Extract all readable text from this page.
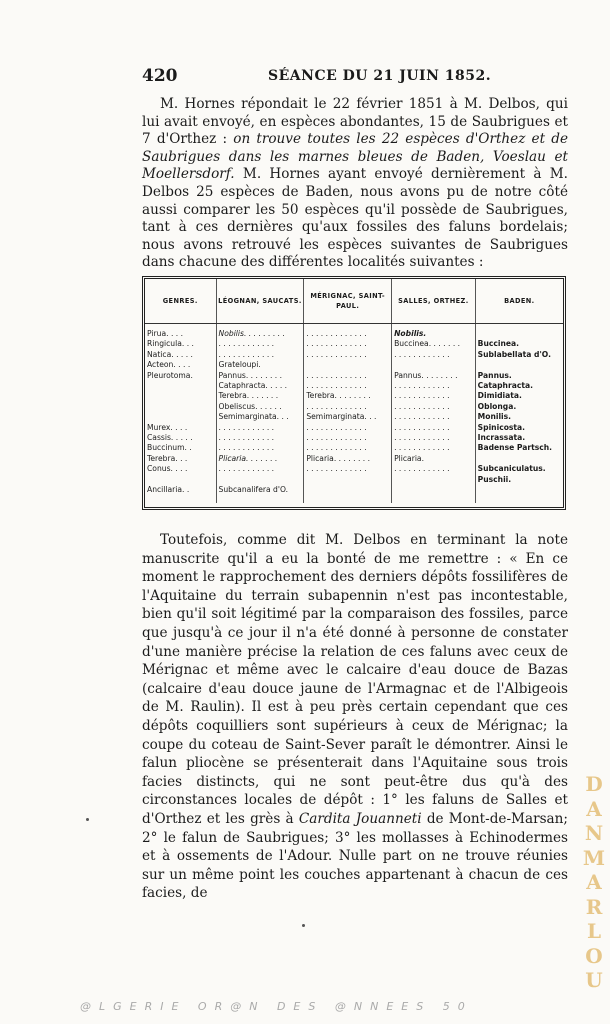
420	SÉANCE DU 21 JUIN 1852.

M. Hornes répondait le 22 février 1851 à M. Delbos, qui lui avait envoyé, en espèces abondantes, 15 de Saubrigues et 7 d'Orthez : on trouve toutes les 22 espèces d'Orthez et de Saubrigues dans les marnes bleues de Baden, Voeslau et Moellersdorf. M. Hornes ayant envoyé dernièrement à M. Delbos 25 espèces de Baden, nous avons pu de notre côté aussi comparer les 50 espèces qu'il possède de Saubrigues, tant à ces dernières qu'aux fossiles des faluns bordelais; nous avons retrouvé les espèces suivantes de Saubrigues dans chacune des différentes localités suivantes :

GENRES.	LÉOGNAN, SAUCATS.	MÉRIGNAC, SAINT-PAUL.	SALLES, ORTHEZ.	BADEN.

Pirua. . . .	Nobilis. . . . . . . . .	. . . . . . . . . . . . .	Nobilis.	
Ringicula. . .	. . . . . . . . . . . .	. . . . . . . . . . . . .	Buccinea. . . . . . .	Buccinea.
Natica. . . . .	. . . . . . . . . . . .	. . . . . . . . . . . . .	. . . . . . . . . . . .	Sublabellata d'O.
Acteon. . . .	Grateloupi.			
Pleurotoma.	Pannus. . . . . . . .	. . . . . . . . . . . . .	Pannus. . . . . . . .	Pannus.
	Cataphracta. . . . .	. . . . . . . . . . . . .	. . . . . . . . . . . .	Cataphracta.
	Terebra. . . . . . .	Terebra. . . . . . . .	. . . . . . . . . . . .	Dimidiata.
	Obeliscus. . . . . .	. . . . . . . . . . . . .	. . . . . . . . . . . .	Oblonga.
	Semimarginata. . .	Semimarginata. . .	. . . . . . . . . . . .	Monilis.
Murex. . . .	. . . . . . . . . . . .	. . . . . . . . . . . . .	. . . . . . . . . . . .	Spinicosta.
Cassis. . . . .	. . . . . . . . . . . .	. . . . . . . . . . . . .	. . . . . . . . . . . .	Incrassata.
Buccinum. .	. . . . . . . . . . . .	. . . . . . . . . . . . .	. . . . . . . . . . . .	Badense Partsch.
Terebra. . .	Plicaria. . . . . . .	Plicaria. . . . . . . .	Plicaria.	
Conus. . . .	. . . . . . . . . . . .	. . . . . . . . . . . . .	. . . . . . . . . . . .	Subcaniculatus.
				Puschii.
Ancillaria. .	Subcanalifera d'O.			

Toutefois, comme dit M. Delbos en terminant la note manuscrite qu'il a eu la bonté de me remettre : « En ce moment le rapprochement des derniers dépôts fossilifères de l'Aquitaine du terrain subapennin n'est pas incontestable, bien qu'il soit légitimé par la comparaison des fossiles, parce que jusqu'à ce jour il n'a été donné à personne de constater d'une manière précise la relation de ces faluns avec ceux de Mérignac et même avec le calcaire d'eau douce de Bazas (calcaire d'eau douce jaune de l'Armagnac et de l'Albigeois de M. Raulin). Il est à peu près certain cependant que ces dépôts coquilliers sont supérieurs à ceux de Mérignac; la coupe du coteau de Saint-Sever paraît le démontrer. Ainsi le falun pliocène se présenterait dans l'Aquitaine sous trois facies distincts, qui ne sont peut-être dus qu'à des circonstances locales de dépôt : 1° les faluns de Salles et d'Orthez et les grès à Cardita Jouanneti de Mont-de-Marsan; 2° le falun de Saubrigues; 3° les mollasses à Echinodermes et à ossements de l'Adour. Nulle part on ne trouve réunies sur un même point les couches appartenant à chacun de ces facies, de

D
A
N
M
A
R
L
O
U
@LGERIE OR@N DES @NNEES 50
